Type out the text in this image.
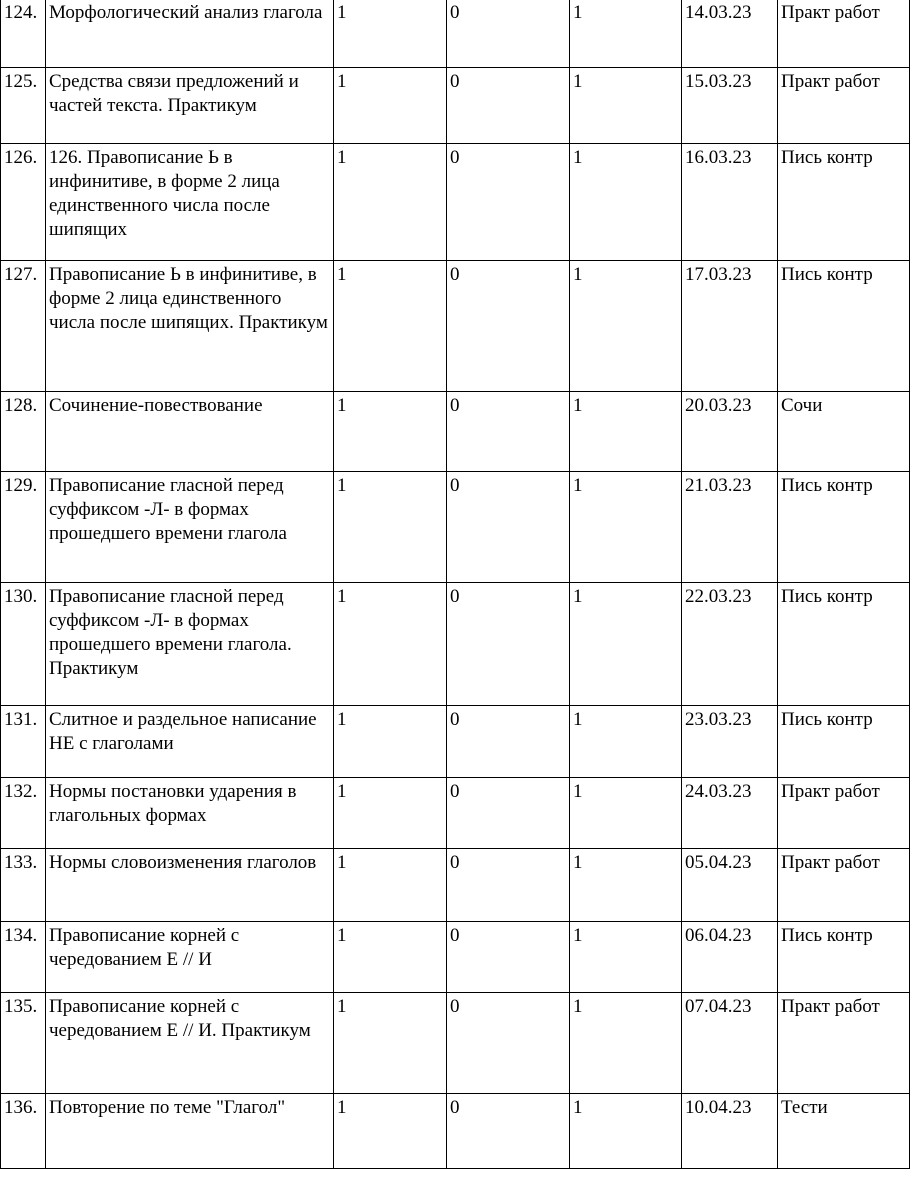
124.	Морфологический анализ глагола	1	0	1	14.03.23	Практ работ

125.	Средства связи предложений и частей текста. Практикум	1	0	1	15.03.23	Практ работ

126.	126. Правописание Ь в инфинитиве, в форме 2 лица единственного числа после шипящих	1	0	1	16.03.23	Пись контр

127.	Правописание Ь в инфинитиве, в форме 2 лица единственного числа после шипящих. Практикум	1	0	1	17.03.23	Пись контр

128.	Сочинение-повествование	1	0	1	20.03.23	Сочи

129.	Правописание гласной перед суффиксом -Л- в формах прошедшего времени глагола	1	0	1	21.03.23	Пись контр

130.	Правописание гласной перед суффиксом -Л- в формах прошедшего времени глагола. Практикум	1	0	1	22.03.23	Пись контр

131.	Слитное и раздельное написание НЕ с глаголами	1	0	1	23.03.23	Пись контр

132.	Нормы постановки ударения в глагольных формах	1	0	1	24.03.23	Практ работ

133.	Нормы словоизменения глаголов	1	0	1	05.04.23	Практ работ

134.	Правописание корней с чередованием Е // И	1	0	1	06.04.23	Пись контр

135.	Правописание корней с чередованием Е // И. Практикум	1	0	1	07.04.23	Практ работ

136.	Повторение по теме "Глагол"	1	0	1	10.04.23	Тести
